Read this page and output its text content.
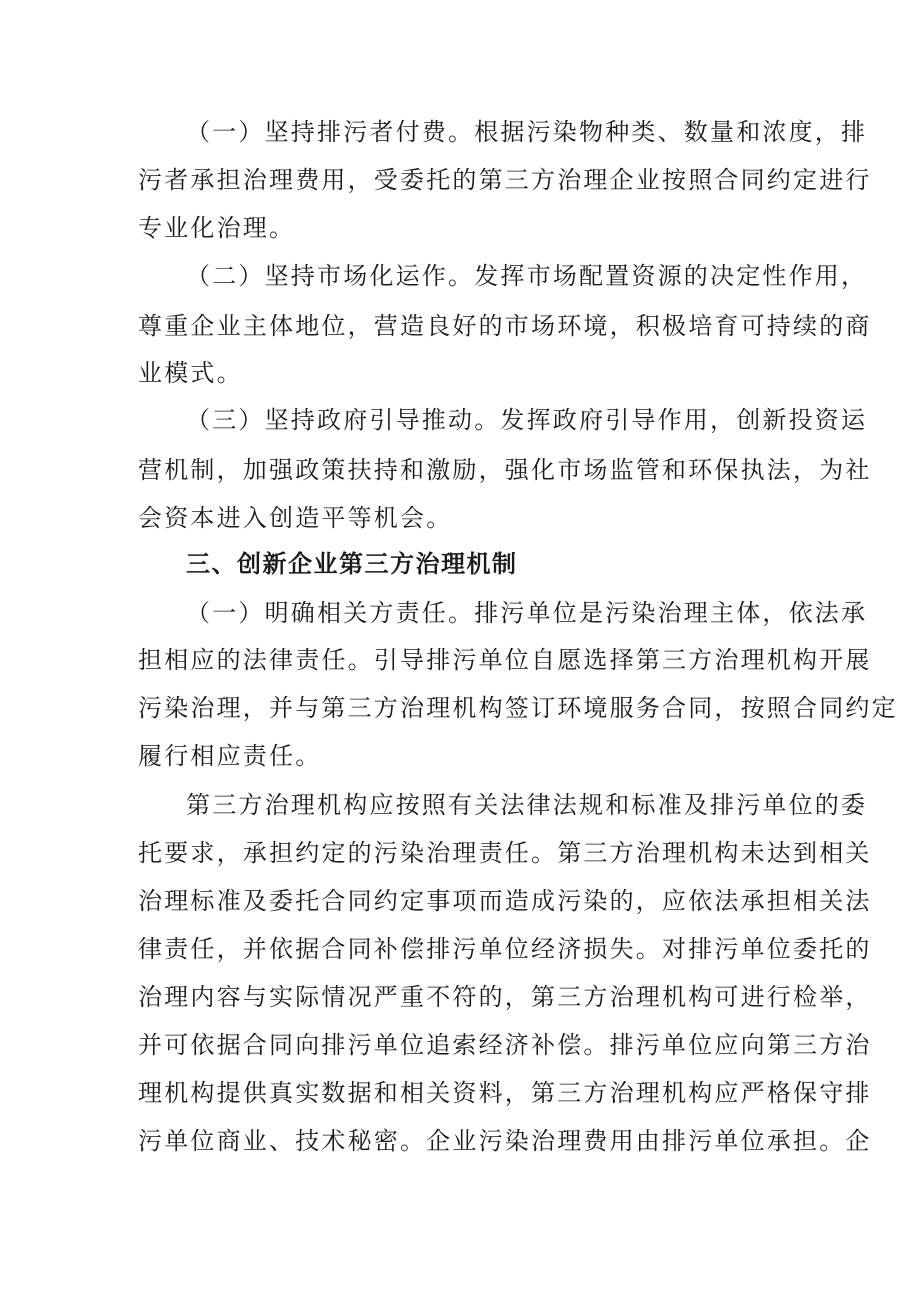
（一）坚持排污者付费。根据污染物种类、数量和浓度，排
污者承担治理费用，受委托的第三方治理企业按照合同约定进行
专业化治理。
（二）坚持市场化运作。发挥市场配置资源的决定性作用，
尊重企业主体地位，营造良好的市场环境，积极培育可持续的商
业模式。
（三）坚持政府引导推动。发挥政府引导作用，创新投资运
营机制，加强政策扶持和激励，强化市场监管和环保执法，为社
会资本进入创造平等机会。
三、创新企业第三方治理机制
（一）明确相关方责任。排污单位是污染治理主体，依法承
担相应的法律责任。引导排污单位自愿选择第三方治理机构开展
污染治理，并与第三方治理机构签订环境服务合同，按照合同约定
履行相应责任。
第三方治理机构应按照有关法律法规和标准及排污单位的委
托要求，承担约定的污染治理责任。第三方治理机构未达到相关
治理标准及委托合同约定事项而造成污染的，应依法承担相关法
律责任，并依据合同补偿排污单位经济损失。对排污单位委托的
治理内容与实际情况严重不符的，第三方治理机构可进行检举，
并可依据合同向排污单位追索经济补偿。排污单位应向第三方治
理机构提供真实数据和相关资料，第三方治理机构应严格保守排
污单位商业、技术秘密。企业污染治理费用由排污单位承担。企
